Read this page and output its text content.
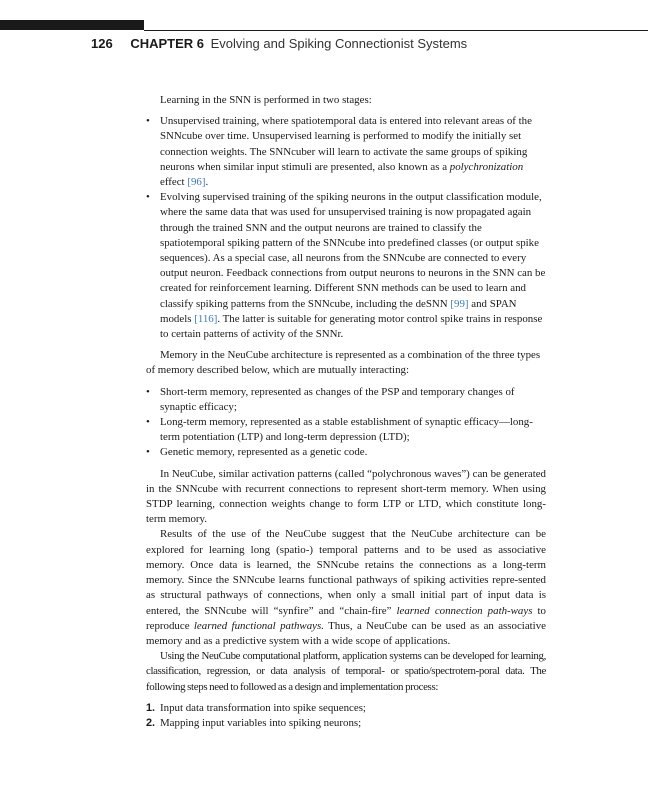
126 CHAPTER 6 Evolving and Spiking Connectionist Systems

Learning in the SNN is performed in two stages:

• Unsupervised training, where spatiotemporal data is entered into relevant areas of the SNNcube over time. Unsupervised learning is performed to modify the initially set connection weights. The SNNcuber will learn to activate the same groups of spiking neurons when similar input stimuli are presented, also known as a polychronization effect [96].
• Evolving supervised training of the spiking neurons in the output classification module, where the same data that was used for unsupervised training is now propagated again through the trained SNN and the output neurons are trained to classify the spatiotemporal spiking pattern of the SNNcube into predefined classes (or output spike sequences). As a special case, all neurons from the SNNcube are connected to every output neuron. Feedback connections from output neurons to neurons in the SNN can be created for reinforcement learning. Different SNN methods can be used to learn and classify spiking patterns from the SNNcube, including the deSNN [99] and SPAN models [116]. The latter is suitable for generating motor control spike trains in response to certain patterns of activity of the SNNr.

Memory in the NeuCube architecture is represented as a combination of the three types of memory described below, which are mutually interacting:

• Short-term memory, represented as changes of the PSP and temporary changes of synaptic efficacy;
• Long-term memory, represented as a stable establishment of synaptic efficacy—long-term potentiation (LTP) and long-term depression (LTD);
• Genetic memory, represented as a genetic code.

In NeuCube, similar activation patterns (called “polychronous waves”) can be generated in the SNNcube with recurrent connections to represent short-term memory. When using STDP learning, connection weights change to form LTP or LTD, which constitute long-term memory.

Results of the use of the NeuCube suggest that the NeuCube architecture can be explored for learning long (spatio-) temporal patterns and to be used as associative memory. Once data is learned, the SNNcube retains the connections as a long-term memory. Since the SNNcube learns functional pathways of spiking activities repre-sented as structural pathways of connections, when only a small initial part of input data is entered, the SNNcube will “synfire” and “chain-fire” learned connection path-ways to reproduce learned functional pathways. Thus, a NeuCube can be used as an associative memory and as a predictive system with a wide scope of applications.

Using the NeuCube computational platform, application systems can be developed for learning, classification, regression, or data analysis of temporal- or spatio/spectrotem-poral data. The following steps need to followed as a design and implementation process:

1. Input data transformation into spike sequences;
2. Mapping input variables into spiking neurons;
